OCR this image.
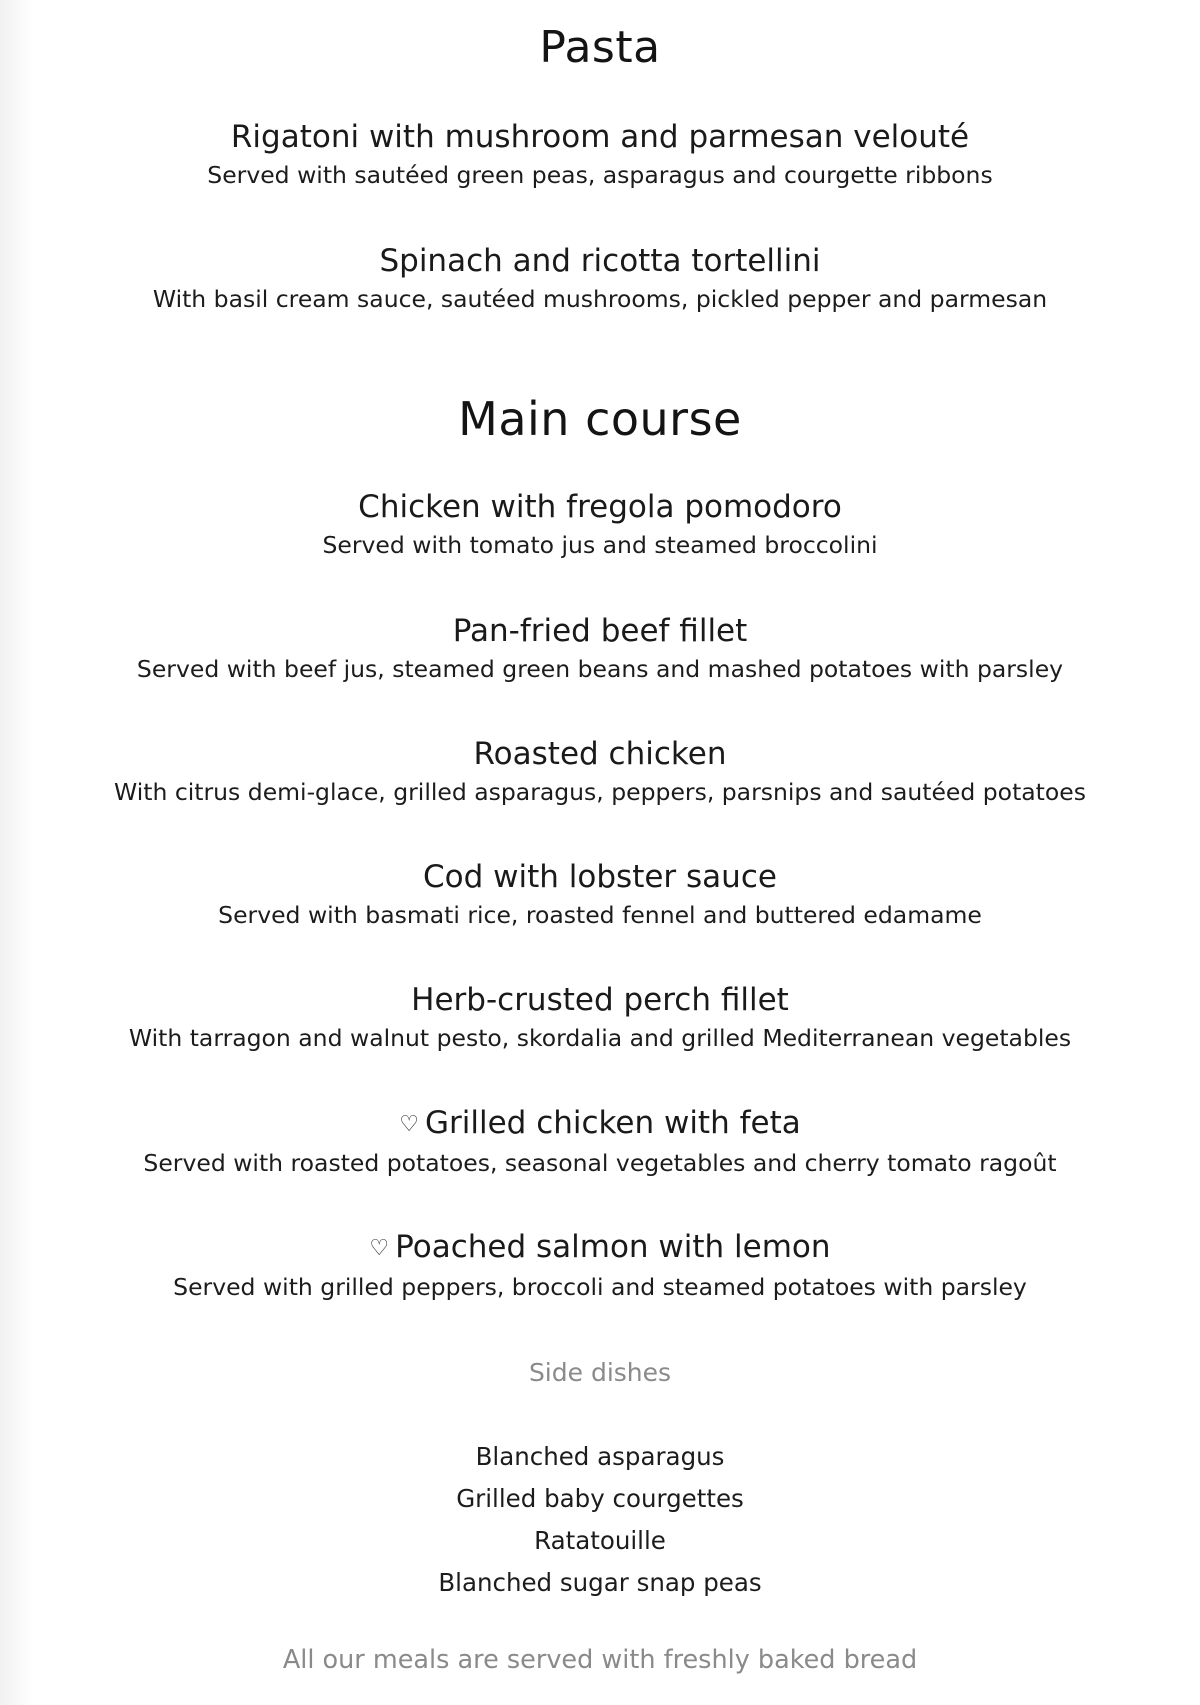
Pasta
Rigatoni with mushroom and parmesan velouté
Served with sautéed green peas, asparagus and courgette ribbons
Spinach and ricotta tortellini
With basil cream sauce, sautéed mushrooms, pickled pepper and parmesan
Main course
Chicken with fregola pomodoro
Served with tomato jus and steamed broccolini
Pan-fried beef fillet
Served with beef jus, steamed green beans and mashed potatoes with parsley
Roasted chicken
With citrus demi-glace, grilled asparagus, peppers, parsnips and sautéed potatoes
Cod with lobster sauce
Served with basmati rice, roasted fennel and buttered edamame
Herb-crusted perch fillet
With tarragon and walnut pesto, skordalia and grilled Mediterranean vegetables
♡ Grilled chicken with feta
Served with roasted potatoes, seasonal vegetables and cherry tomato ragoût
♡ Poached salmon with lemon
Served with grilled peppers, broccoli and steamed potatoes with parsley
Side dishes
Blanched asparagus
Grilled baby courgettes
Ratatouille
Blanched sugar snap peas
All our meals are served with freshly baked bread
